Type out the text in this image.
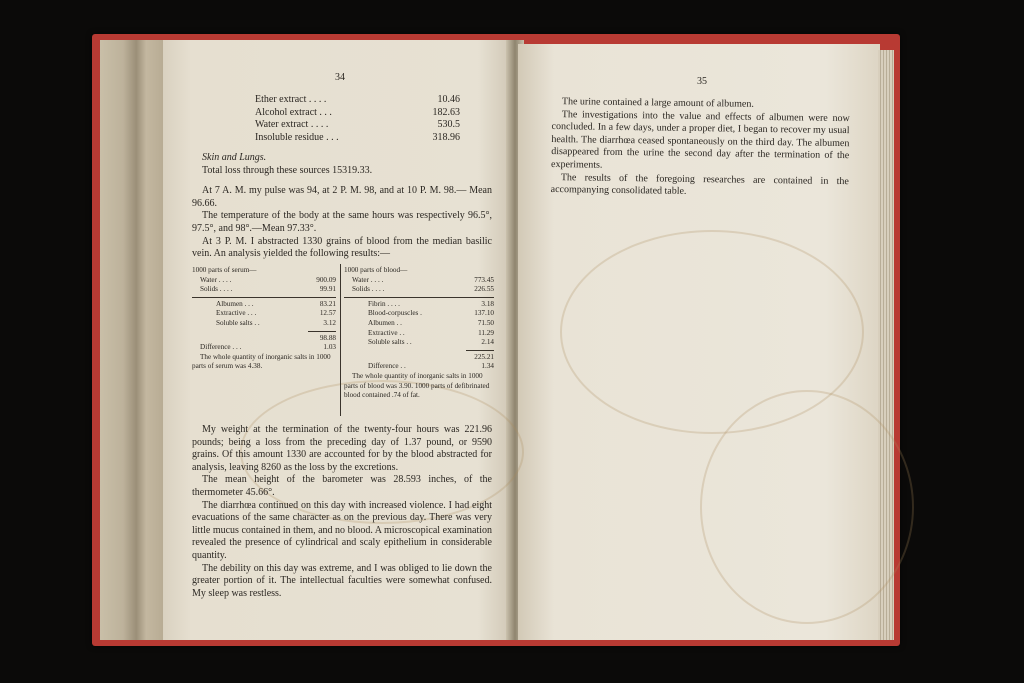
34
Ether extract . . . .	10.46
Alcohol extract . . .	182.63
Water extract . . . .	530.5
Insoluble residue . . .	318.96
Skin and Lungs.

Total loss through these sources 15319.33.

At 7 A. M. my pulse was 94, at 2 P. M. 98, and at 10 P. M. 98.— Mean 96.66.

The temperature of the body at the same hours was respectively 96.5°, 97.5°, and 98°.—Mean 97.33°.

At 3 P. M. I abstracted 1330 grains of blood from the median basilic vein. An analysis yielded the following results:—

1000 parts of serum—
Water . . . .	900.09
Solids . . . .	99.91
Albumen . . .	83.21
Extractive . . .	12.57
Soluble salts . .	3.12
98.88
Difference . . .	1.03
The whole quantity of inorganic salts in 1000 parts of serum was 4.38.
1000 parts of blood—
Water . . . .	773.45
Solids . . . .	226.55
Fibrin . . . .	3.18
Blood-corpuscles .	137.10
Albumen . .	71.50
Extractive . .	11.29
Soluble salts . .	2.14
225.21
Difference . .	1.34
The whole quantity of inorganic salts in 1000 parts of blood was 3.90. 1000 parts of defibrinated blood contained .74 of fat.

My weight at the termination of the twenty-four hours was 221.96 pounds; being a loss from the preceding day of 1.37 pound, or 9590 grains. Of this amount 1330 are accounted for by the blood abstracted for analysis, leaving 8260 as the loss by the excretions.

The mean height of the barometer was 28.593 inches, of the thermometer 45.66°.

The diarrhœa continued on this day with increased violence. I had eight evacuations of the same character as on the previous day. There was very little mucus contained in them, and no blood. A microscopical examination revealed the presence of cylindrical and scaly epithelium in considerable quantity.

The debility on this day was extreme, and I was obliged to lie down the greater portion of it. The intellectual faculties were somewhat confused. My sleep was restless.

35

The urine contained a large amount of albumen.

The investigations into the value and effects of albumen were now concluded. In a few days, under a proper diet, I began to recover my usual health. The diarrhœa ceased spontaneously on the third day. The albumen disappeared from the urine the second day after the termination of the experiments.

The results of the foregoing researches are contained in the accompanying consolidated table.
